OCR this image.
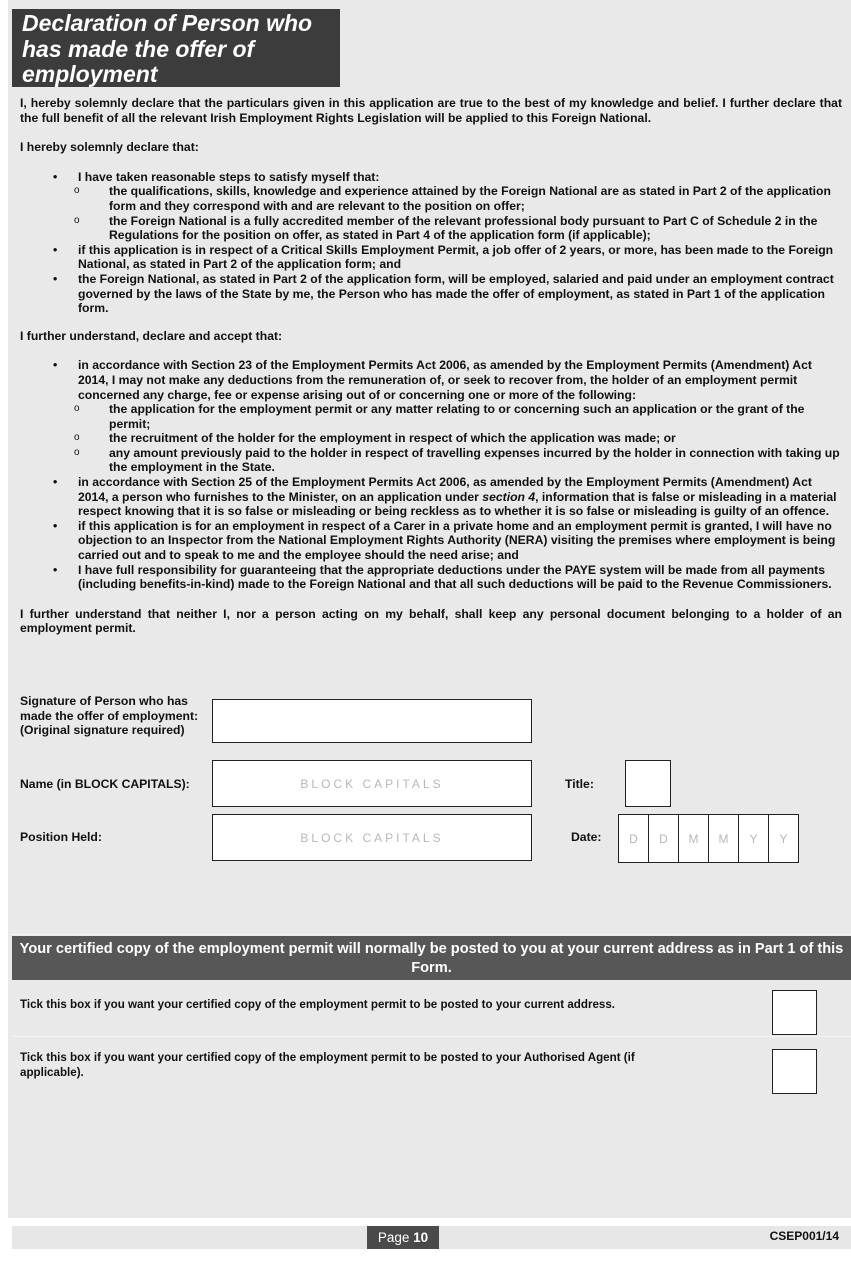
Declaration of Person who has made the offer of employment

I, hereby solemnly declare that the particulars given in this application are true to the best of my knowledge and belief. I further declare that the full benefit of all the relevant Irish Employment Rights Legislation will be applied to this Foreign National.

I hereby solemnly declare that:

• I have taken reasonable steps to satisfy myself that:
o the qualifications, skills, knowledge and experience attained by the Foreign National are as stated in Part 2 of the application form and they correspond with and are relevant to the position on offer;
o the Foreign National is a fully accredited member of the relevant professional body pursuant to Part C of Schedule 2 in the Regulations for the position on offer, as stated in Part 4 of the application form (if applicable);
• if this application is in respect of a Critical Skills Employment Permit, a job offer of 2 years, or more, has been made to the Foreign National, as stated in Part 2 of the application form; and
• the Foreign National, as stated in Part 2 of the application form, will be employed, salaried and paid under an employment contract governed by the laws of the State by me, the Person who has made the offer of employment, as stated in Part 1 of the application form.

I further understand, declare and accept that:

• in accordance with Section 23 of the Employment Permits Act 2006, as amended by the Employment Permits (Amendment) Act 2014, I may not make any deductions from the remuneration of, or seek to recover from, the holder of an employment permit concerned any charge, fee or expense arising out of or concerning one or more of the following:
o the application for the employment permit or any matter relating to or concerning such an application or the grant of the permit;
o the recruitment of the holder for the employment in respect of which the application was made; or
o any amount previously paid to the holder in respect of travelling expenses incurred by the holder in connection with taking up the employment in the State.
• in accordance with Section 25 of the Employment Permits Act 2006, as amended by the Employment Permits (Amendment) Act 2014, a person who furnishes to the Minister, on an application under section 4, information that is false or misleading in a material respect knowing that it is so false or misleading or being reckless as to whether it is so false or misleading is guilty of an offence.
• if this application is for an employment in respect of a Carer in a private home and an employment permit is granted, I will have no objection to an Inspector from the National Employment Rights Authority (NERA) visiting the premises where employment is being carried out and to speak to me and the employee should the need arise; and
• I have full responsibility for guaranteeing that the appropriate deductions under the PAYE system will be made from all payments (including benefits-in-kind) made to the Foreign National and that all such deductions will be paid to the Revenue Commissioners.

I further understand that neither I, nor a person acting on my behalf, shall keep any personal document belonging to a holder of an employment permit.

Signature of Person who has made the offer of employment:
(Original signature required)
Name (in BLOCK CAPITALS):	BLOCK CAPITALS	Title:
Position Held:	BLOCK CAPITALS	Date:	D	D	M	M	Y	Y
Your certified copy of the employment permit will normally be posted to you at your current address as in Part 1 of this Form.
Tick this box if you want your certified copy of the employment permit to be posted to your current address.
Tick this box if you want your certified copy of the employment permit to be posted to your Authorised Agent (if applicable).
Page 10	CSEP001/14
